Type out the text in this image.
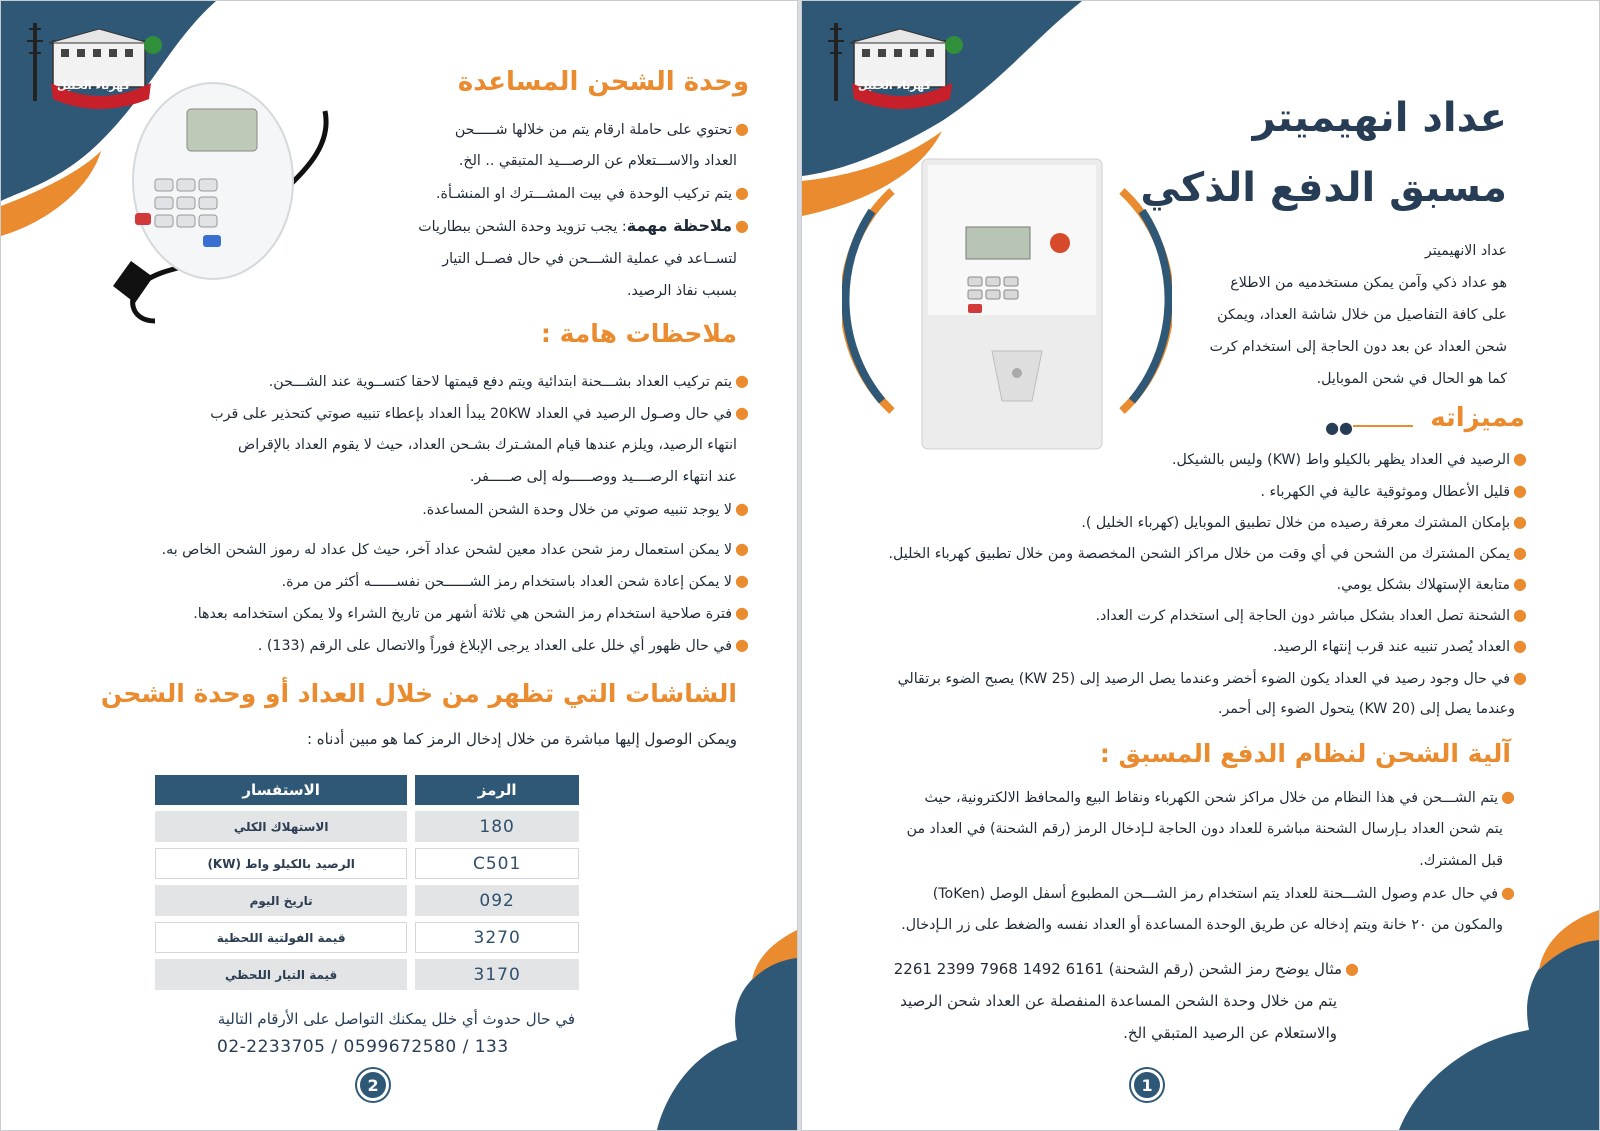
كهرباء الخليل	وحدة الشحن المساعدة
●تحتوي على حاملة ارقام يتم من خلالها شـــــحن
العداد والاســـتعلام عن الرصـــيد المتبقي .. الخ.
●يتم تركيب الوحدة في بيت المشـــترك او المنشـأة.
●ملاحظة مهمة: يجب تزويد وحدة الشحن ببطاريات
لتســاعد في عملية الشـــحن في حال فصــل التيار
بسبب نفاذ الرصيد.
ملاحظات هامة :
●يتم تركيب العداد بشـــحنة ابتدائية ويتم دفع قيمتها لاحقا كتســوية عند الشـــحن.
●في حال وصـول الرصيد في العداد 20KW يبدأ العداد بإعطاء تنبيه صوتي كتحذير على قرب
انتهاء الرصيد، ويلزم عندها قيام المشـترك بشـحن العداد، حيث لا يقوم العداد بالإقراض
عند انتهاء الرصــــيد ووصـــــوله إلى صـــــفر.
●لا يوجد تنبيه صوتي من خلال وحدة الشحن المساعدة.
●لا يمكن استعمال رمز شحن عداد معين لشحن عداد آخر، حيث كل عداد له رموز الشحن الخاص به.
●لا يمكن إعادة شحن العداد باستخدام رمز الشــــــحن نفســــــه أكثر من مرة.
●فترة صلاحية استخدام رمز الشحن هي ثلاثة أشهر من تاريخ الشراء ولا يمكن استخدامه بعدها.
●في حال ظهور أي خلل على العداد يرجى الإبلاغ فوراً والاتصال على الرقم (133) .
الشاشات التي تظهر من خلال العداد أو وحدة الشحن
ويمكن الوصول إليها مباشرة من خلال إدخال الرمز كما هو مبين أدناه :
الرمز	الاستفسار
180	الاستهلاك الكلي
C501	الرصيد بالكيلو واط (KW)
092	تاريخ اليوم
3270	قيمة الفولتية اللحظية
3170	قيمة التيار اللحظي
في حال حدوث أي خلل يمكنك التواصل على الأرقام التالية
02-2233705 / 0599672580 / 133
2
كهرباء الخليل
عداد انهيميتر
مسبق الدفع الذكي
عداد الانهيميتر
هو عداد ذكي وآمن يمكن مستخدميه من الاطلاع
على كافة التفاصيل من خلال شاشة العداد، ويمكن
شحن العداد عن بعد دون الحاجة إلى استخدام كرت
كما هو الحال في شحن الموبايل.
مميزاته
●●
●الرصيد في العداد يظهر بالكيلو واط (KW) وليس بالشيكل.
●قليل الأعطال وموثوقية عالية في الكهرباء .
●بإمكان المشترك معرفة رصيده من خلال تطبيق الموبايل (كهرباء الخليل ).
●يمكن المشترك من الشحن في أي وقت من خلال مراكز الشحن المخصصة ومن خلال تطبيق كهرباء الخليل.
●متابعة الإستهلاك بشكل يومي.
●الشحنة تصل العداد بشكل مباشر دون الحاجة إلى استخدام كرت العداد.
●العداد يُصدر تنبيه عند قرب إنتهاء الرصيد.
●في حال وجود رصيد في العداد يكون الضوء أخضر وعندما يصل الرصيد إلى (25 KW) يصبح الضوء برتقالي
وعندما يصل إلى (20 KW) يتحول الضوء إلى أحمر.
آلية الشحن لنظام الدفع المسبق :
●يتم الشـــحن في هذا النظام من خلال مراكز شحن الكهرباء ونقاط البيع والمحافظ الالكترونية، حيث
يتم شحن العداد بـإرسال الشحنة مباشرة للعداد دون الحاجة لـإدخال الرمز (رقم الشحنة) في العداد من
قبل المشترك.
●في حال عدم وصول الشـــحنة للعداد يتم استخدام رمز الشـــحن المطبوع أسفل الوصل (ToKen)
والمكون من ٢٠ خانة ويتم إدخاله عن طريق الوحدة المساعدة أو العداد نفسه والضغط على زر الـإدخال.
●مثال يوضح رمز الشحن (رقم الشحنة) 6161 1492 7968 2399 2261
يتم من خلال وحدة الشحن المساعدة المنفصلة عن العداد شحن الرصيد
والاستعلام عن الرصيد المتبقي الخ.
1
